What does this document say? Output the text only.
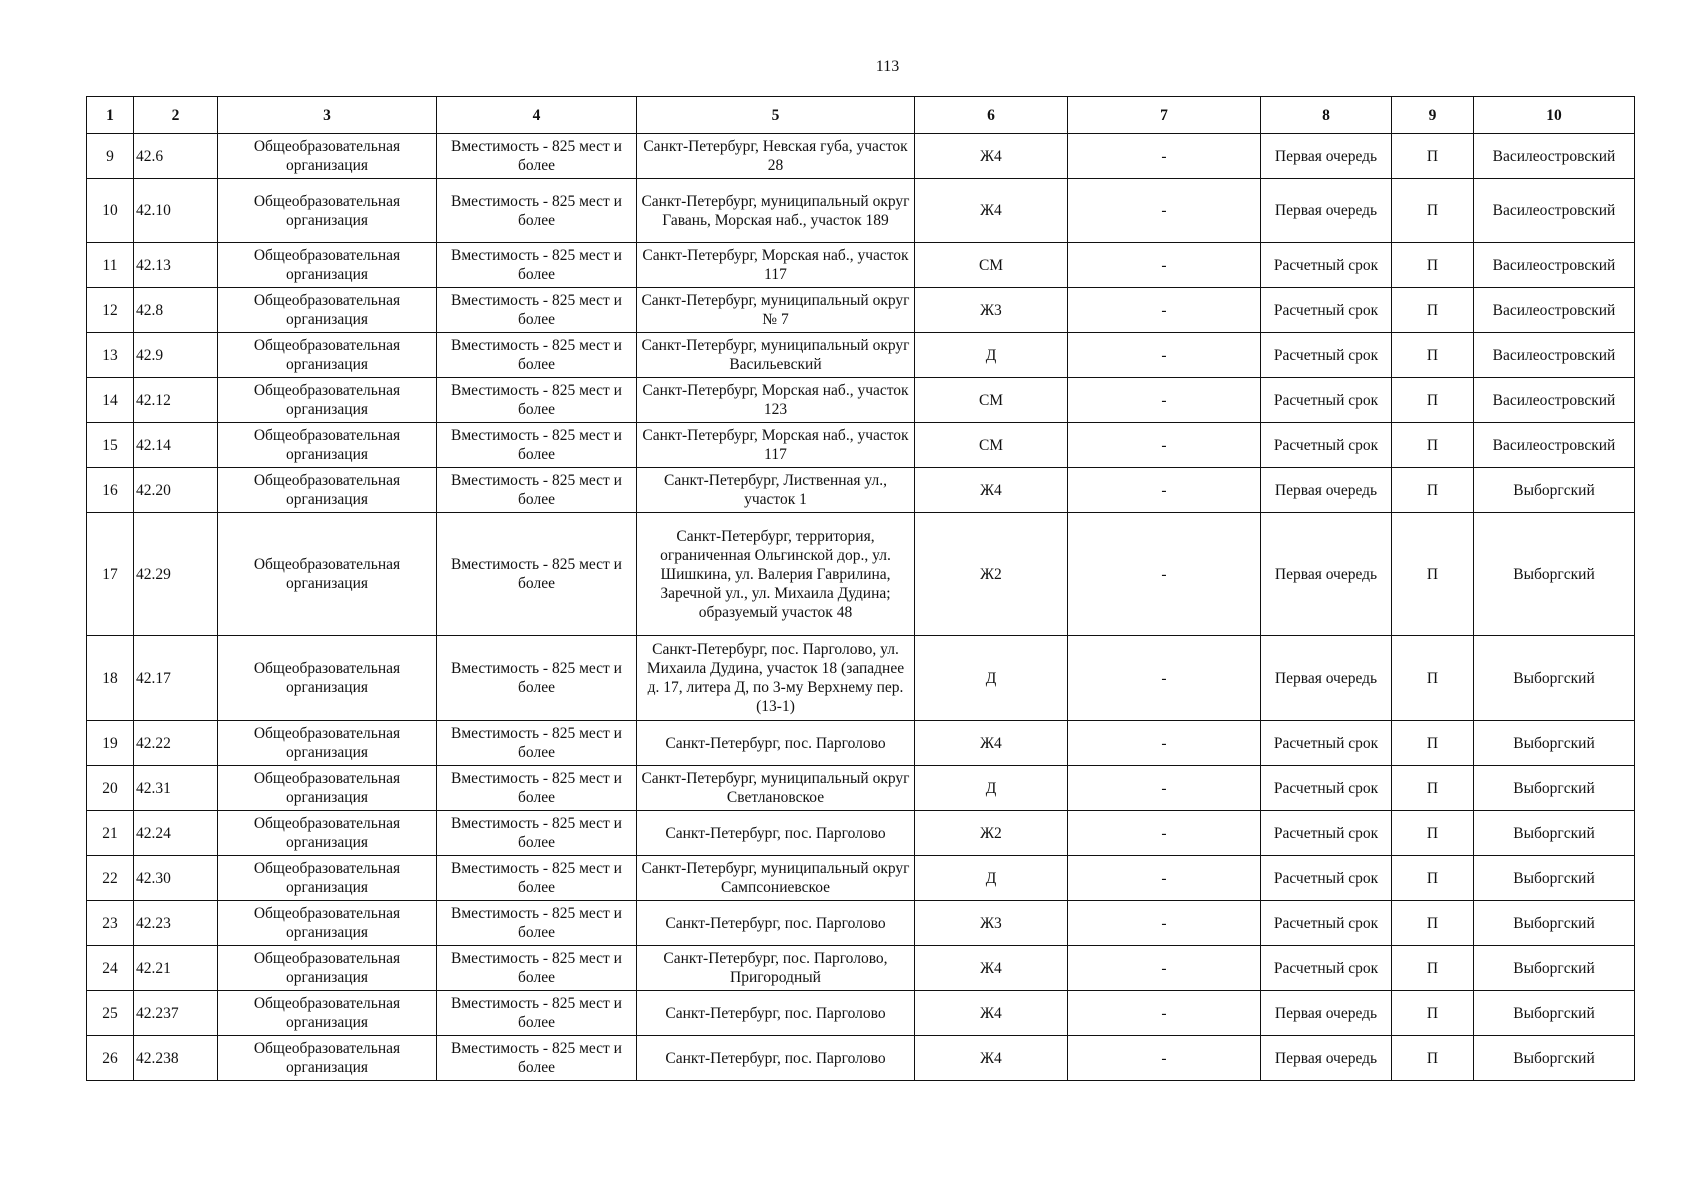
113
1	2	3	4	5	6	7	8	9	10
9	42.6	Общеобразовательная организация	Вместимость - 825 мест и более	Санкт-Петербург, Невская губа, участок 28	Ж4	-	Первая очередь	П	Василеостровский
10	42.10	Общеобразовательная организация	Вместимость - 825 мест и более	Санкт-Петербург, муниципальный округ Гавань, Морская наб., участок 189	Ж4	-	Первая очередь	П	Василеостровский
11	42.13	Общеобразовательная организация	Вместимость - 825 мест и более	Санкт-Петербург, Морская наб., участок 117	СМ	-	Расчетный срок	П	Василеостровский
12	42.8	Общеобразовательная организация	Вместимость - 825 мест и более	Санкт-Петербург, муниципальный округ № 7	Ж3	-	Расчетный срок	П	Василеостровский
13	42.9	Общеобразовательная организация	Вместимость - 825 мест и более	Санкт-Петербург, муниципальный округ Васильевский	Д	-	Расчетный срок	П	Василеостровский
14	42.12	Общеобразовательная организация	Вместимость - 825 мест и более	Санкт-Петербург, Морская наб., участок 123	СМ	-	Расчетный срок	П	Василеостровский
15	42.14	Общеобразовательная организация	Вместимость - 825 мест и более	Санкт-Петербург, Морская наб., участок 117	СМ	-	Расчетный срок	П	Василеостровский
16	42.20	Общеобразовательная организация	Вместимость - 825 мест и более	Санкт-Петербург, Лиственная ул., участок 1	Ж4	-	Первая очередь	П	Выборгский
17	42.29	Общеобразовательная организация	Вместимость - 825 мест и более	Санкт-Петербург, территория, ограниченная Ольгинской дор., ул. Шишкина, ул. Валерия Гаврилина, Заречной ул., ул. Михаила Дудина; образуемый участок 48	Ж2	-	Первая очередь	П	Выборгский
18	42.17	Общеобразовательная организация	Вместимость - 825 мест и более	Санкт-Петербург, пос. Парголово, ул. Михаила Дудина, участок 18 (западнее д. 17, литера Д, по 3-му Верхнему пер. (13-1)	Д	-	Первая очередь	П	Выборгский
19	42.22	Общеобразовательная организация	Вместимость - 825 мест и более	Санкт-Петербург, пос. Парголово	Ж4	-	Расчетный срок	П	Выборгский
20	42.31	Общеобразовательная организация	Вместимость - 825 мест и более	Санкт-Петербург, муниципальный округ Светлановское	Д	-	Расчетный срок	П	Выборгский
21	42.24	Общеобразовательная организация	Вместимость - 825 мест и более	Санкт-Петербург, пос. Парголово	Ж2	-	Расчетный срок	П	Выборгский
22	42.30	Общеобразовательная организация	Вместимость - 825 мест и более	Санкт-Петербург, муниципальный округ Сампсониевское	Д	-	Расчетный срок	П	Выборгский
23	42.23	Общеобразовательная организация	Вместимость - 825 мест и более	Санкт-Петербург, пос. Парголово	Ж3	-	Расчетный срок	П	Выборгский
24	42.21	Общеобразовательная организация	Вместимость - 825 мест и более	Санкт-Петербург, пос. Парголово, Пригородный	Ж4	-	Расчетный срок	П	Выборгский
25	42.237	Общеобразовательная организация	Вместимость - 825 мест и более	Санкт-Петербург, пос. Парголово	Ж4	-	Первая очередь	П	Выборгский
26	42.238	Общеобразовательная организация	Вместимость - 825 мест и более	Санкт-Петербург, пос. Парголово	Ж4	-	Первая очередь	П	Выборгский
